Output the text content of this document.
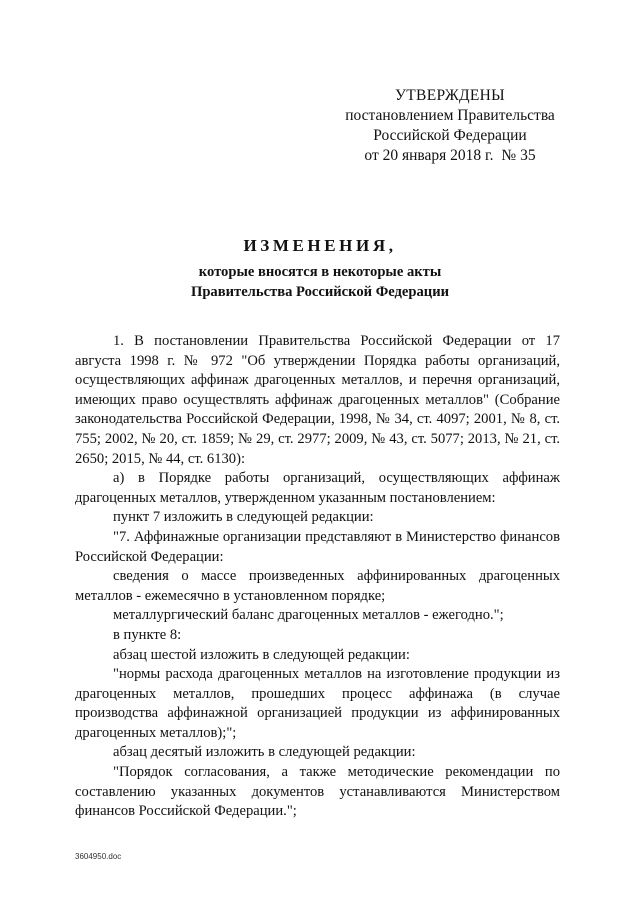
УТВЕРЖДЕНЫ
постановлением Правительства
Российской Федерации
от 20 января 2018 г. № 35
ИЗМЕНЕНИЯ,
которые вносятся в некоторые акты
Правительства Российской Федерации

1. В постановлении Правительства Российской Федерации от 17 августа 1998 г. № 972 "Об утверждении Порядка работы организаций, осуществляющих аффинаж драгоценных металлов, и перечня организаций, имеющих право осуществлять аффинаж драгоценных металлов" (Собрание законодательства Российской Федерации, 1998, № 34, ст. 4097; 2001, № 8, ст. 755; 2002, № 20, ст. 1859; № 29, ст. 2977; 2009, № 43, ст. 5077; 2013, № 21, ст. 2650; 2015, № 44, ст. 6130):

а) в Порядке работы организаций, осуществляющих аффинаж драгоценных металлов, утвержденном указанным постановлением:

пункт 7 изложить в следующей редакции:

"7. Аффинажные организации представляют в Министерство финансов Российской Федерации:

сведения о массе произведенных аффинированных драгоценных металлов - ежемесячно в установленном порядке;

металлургический баланс драгоценных металлов - ежегодно.";

в пункте 8:

абзац шестой изложить в следующей редакции:

"нормы расхода драгоценных металлов на изготовление продукции из драгоценных металлов, прошедших процесс аффинажа (в случае производства аффинажной организацией продукции из аффинированных драгоценных металлов);";

абзац десятый изложить в следующей редакции:

"Порядок согласования, а также методические рекомендации по составлению указанных документов устанавливаются Министерством финансов Российской Федерации.";

3604950.doc
